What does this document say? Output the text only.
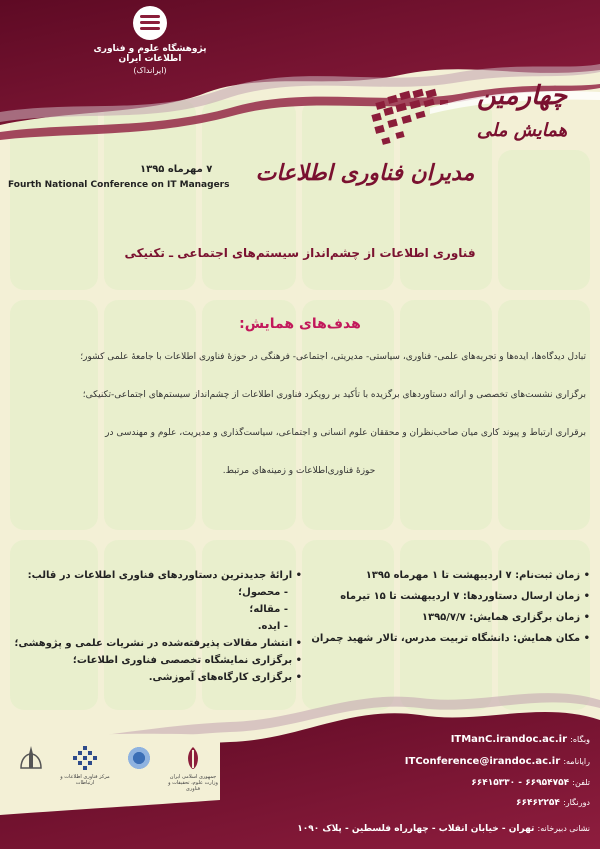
پژوهشگاه علوم و فناوری اطلاعات ایران
(ایرانداک)
چهارمین
همایش ملی
مدیران فناوری اطلاعات
۷ مهرماه ۱۳۹۵
Fourth National Conference on IT Managers
فناوری اطلاعات از چشم‌انداز سیستم‌های اجتماعی ـ تکنیکی
هدف‌های همایش:
تبادل دیدگاه‌ها، ایده‌ها و تجربه‌های علمی- فناوری، سیاستی- مدیریتی، اجتماعی- فرهنگی در حوزهٔ فناوری اطلاعات با جامعهٔ علمی کشور؛
برگزاری نشست‌های تخصصی و ارائه دستاوردهای برگزیده با تأکید بر رویکرد فناوری اطلاعات از چشم‌انداز سیستم‌های اجتماعی-تکنیکی؛
برقراری ارتباط و پیوند کاری میان صاحب‌نظران و محققان علوم انسانی و اجتماعی، سیاست‌گذاری و مدیریت، علوم و مهندسی در
حوزهٔ فناوری‌اطلاعات و زمینه‌های مرتبط.
• زمان ثبت‌نام: ۷ اردیبهشت تا ۱ مهرماه ۱۳۹۵
• زمان ارسال دستاوردها: ۷ اردیبهشت تا ۱۵ تیرماه
• زمان برگزاری همایش: ۱۳۹۵/۷/۷
• مکان همایش: دانشگاه تربیت مدرس، تالار شهید چمران
• ارائهٔ جدیدترین دستاوردهای فناوری اطلاعات در قالب:
- محصول؛
- مقاله؛
- ایده.
• انتشار مقالات پذیرفته‌شده در نشریات علمی و پژوهشی؛
• برگزاری نمایشگاه تخصصی فناوری اطلاعات؛
• برگزاری کارگاه‌های آموزشی.
وبگاه: ITManC.irandoc.ac.ir
رایانامه: ITConference@irandoc.ac.ir
تلفن: ۶۶۹۵۴۷۵۴ - ۶۶۴۱۵۳۳۰
دورنگار: ۶۶۴۶۲۲۵۴
نشانی دبیرخانه: تهران - خیابان انقلاب - چهارراه فلسطین - پلاک ۱۰۹۰
جمهوری اسلامی ایران وزارت علوم، تحقیقات و فناوری
مرکز فناوری اطلاعات و ارتباطات
